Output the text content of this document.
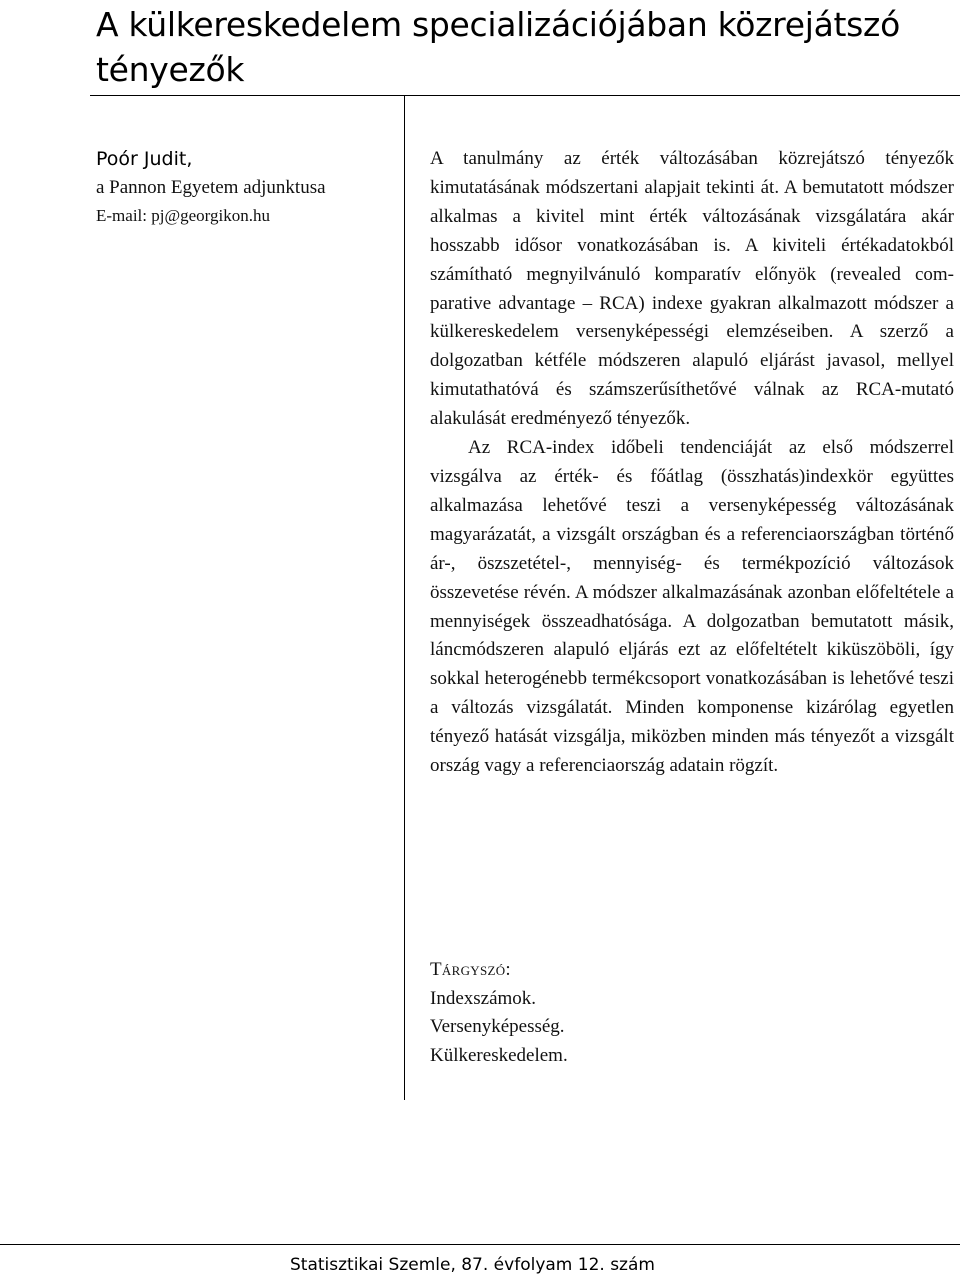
A külkereskedelem specializációjában közrejátszó tényezők
Poór Judit,
a Pannon Egyetem adjunktusa
E-mail: pj@georgikon.hu

A tanulmány az érték változásában közrejátszó tényezők kimutatásának módszertani alapjait tekinti át. A bemutatott módszer alkalmas a kivitel mint érték változásának vizsgálatára akár hosszabb idősor vonatkozásában is. A kiviteli értékadatokból számítható megnyilvánuló komparatív előnyök (revealed comparative advantage – RCA) indexe gyakran alkalmazott módszer a külkereskedelem versenyképességi elemzéseiben. A szerző a dolgozatban kétféle módszeren alapuló eljárást javasol, mellyel kimutathatóvá és számszerűsíthetővé válnak az RCA-mutató alakulását eredményező tényezők.

Az RCA-index időbeli tendenciáját az első módszerrel vizsgálva az érték- és főátlag (összhatás)indexkör együttes alkalmazása lehetővé teszi a versenyképesség változásának magyarázatát, a vizsgált országban és a referenciaországban történő ár-, öszszetétel-, mennyiség- és termékpozíció változások összevetése révén. A módszer alkalmazásának azonban előfeltétele a mennyiségek összeadhatósága. A dolgozatban bemutatott másik, láncmódszeren alapuló eljárás ezt az előfeltételt kiküszöböli, így sokkal heterogénebb termékcsoport vonatkozásában is lehetővé teszi a változás vizsgálatát. Minden komponense kizárólag egyetlen tényező hatását vizsgálja, miközben minden más tényezőt a vizsgált ország vagy a referenciaország adatain rögzít.

Tárgyszó:
Indexszámok.
Versenyképesség.
Külkereskedelem.
Statisztikai Szemle, 87. évfolyam 12. szám
